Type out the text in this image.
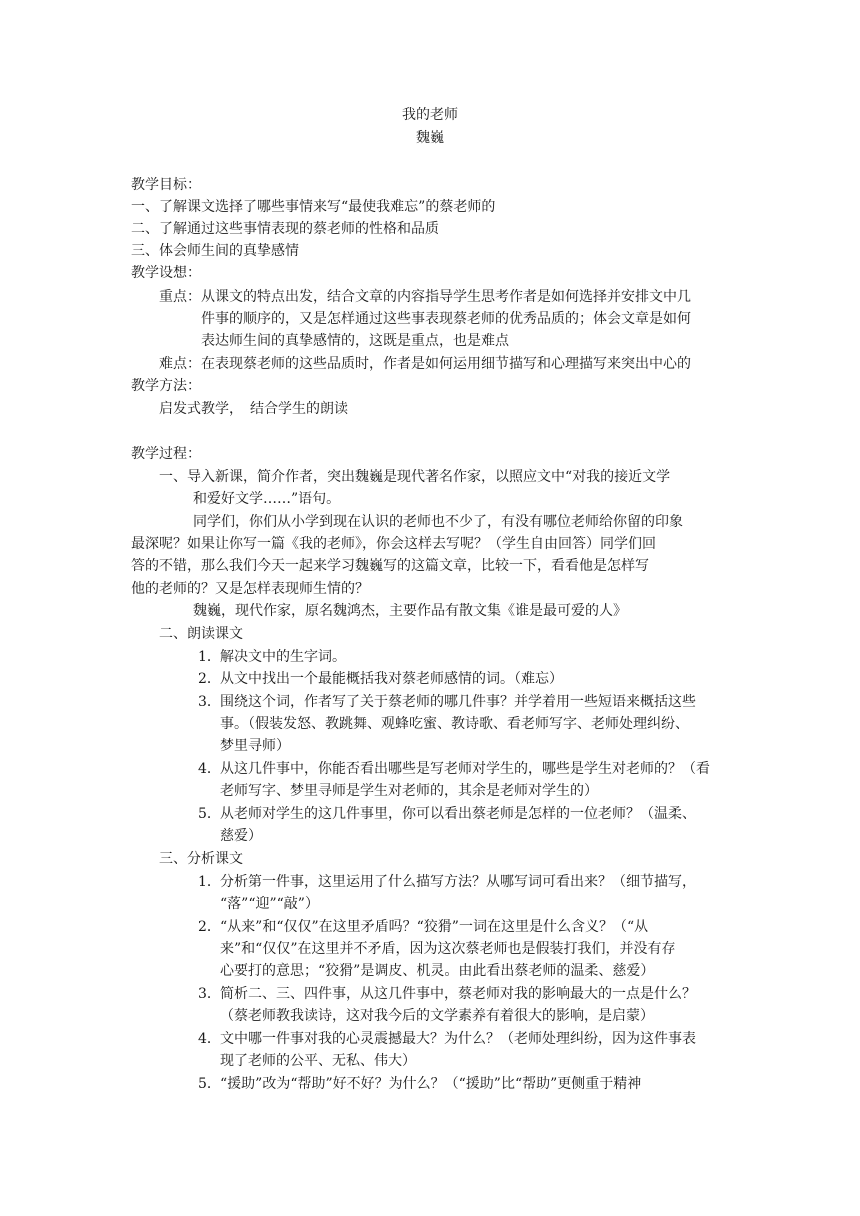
我的老师
魏巍
教学目标：
一、了解课文选择了哪些事情来写“最使我难忘”的蔡老师的
二、了解通过这些事情表现的蔡老师的性格和品质
三、体会师生间的真挚感情
教学设想：
重点： 从课文的特点出发，结合文章的内容指导学生思考作者是如何选择并安排文中几
件事的顺序的，又是怎样通过这些事表现蔡老师的优秀品质的；体会文章是如何
表达师生间的真挚感情的，这既是重点，也是难点
难点： 在表现蔡老师的这些品质时，作者是如何运用细节描写和心理描写来突出中心的
教学方法：
启发式教学，　结合学生的朗读
教学过程：
一、导入新课，简介作者，突出魏巍是现代著名作家，以照应文中“对我的接近文学
和爱好文学……”语句。
同学们，你们从小学到现在认识的老师也不少了，有没有哪位老师给你留的印象
最深呢？如果让你写一篇《我的老师》，你会这样去写呢？（学生自由回答）同学们回
答的不错，那么我们今天一起来学习魏巍写的这篇文章，比较一下，看看他是怎样写
他的老师的？又是怎样表现师生情的？
魏巍，现代作家，原名魏鸿杰，主要作品有散文集《谁是最可爱的人》
二、朗读课文
1．解决文中的生字词。
2．从文中找出一个最能概括我对蔡老师感情的词。（难忘）
3．围绕这个词，作者写了关于蔡老师的哪几件事？并学着用一些短语来概括这些
事。（假装发怒、教跳舞、观蜂吃蜜、教诗歌、看老师写字、老师处理纠纷、
梦里寻师）
4．从这几件事中，你能否看出哪些是写老师对学生的，哪些是学生对老师的？（看
老师写字、梦里寻师是学生对老师的，其余是老师对学生的）
5．从老师对学生的这几件事里，你可以看出蔡老师是怎样的一位老师？（温柔、
慈爱）
三、分析课文
1．分析第一件事，这里运用了什么描写方法？从哪写词可看出来？（细节描写，
“落”“迎”“敲”）
2．“从来”和“仅仅”在这里矛盾吗？“狡猾”一词在这里是什么含义？（“从
来”和“仅仅”在这里并不矛盾，因为这次蔡老师也是假装打我们，并没有存
心要打的意思；“狡猾”是调皮、机灵。由此看出蔡老师的温柔、慈爱）
3．简析二、三、四件事，从这几件事中，蔡老师对我的影响最大的一点是什么？
（蔡老师教我读诗，这对我今后的文学素养有着很大的影响，是启蒙）
4．文中哪一件事对我的心灵震撼最大？为什么？（老师处理纠纷，因为这件事表
现了老师的公平、无私、伟大）
5．“援助”改为“帮助”好不好？为什么？（“援助”比“帮助”更侧重于精神
